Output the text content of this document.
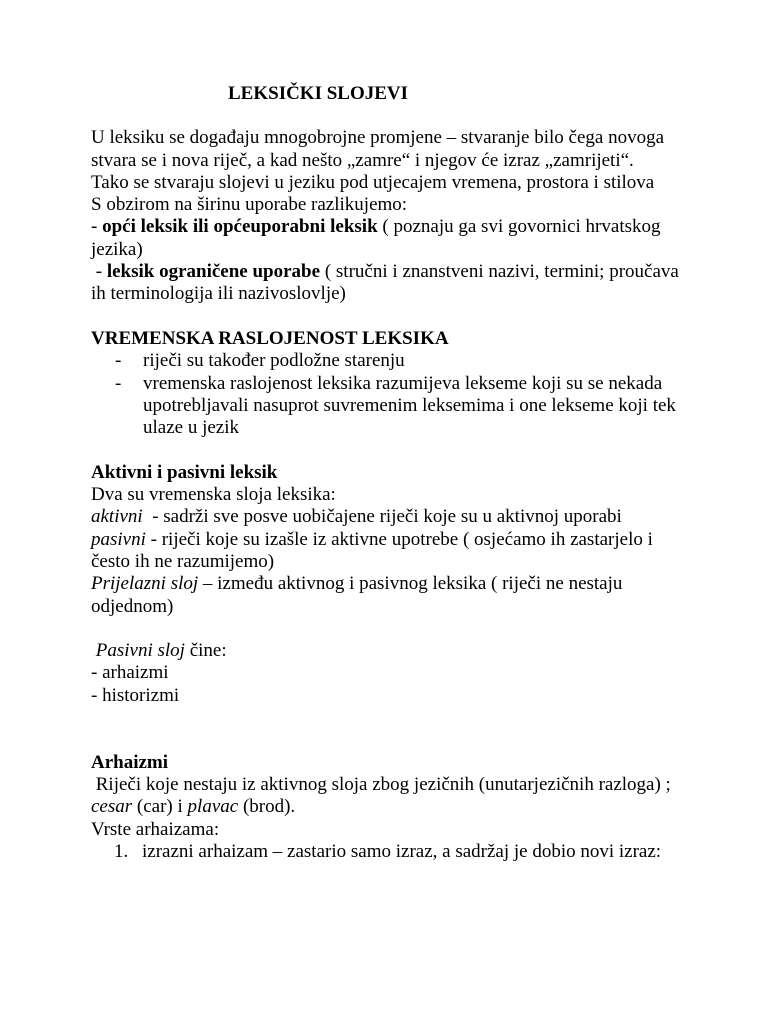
LEKSIČKI SLOJEVI

U leksiku se događaju mnogobrojne promjene – stvaranje bilo čega novoga stvara se i nova riječ, a kad nešto „zamre“ i njegov će izraz „zamrijeti“.

Tako se stvaraju slojevi u jeziku pod utjecajem vremena, prostora i stilova

S obzirom na širinu uporabe razlikujemo:

- opći leksik ili općeuporabni leksik ( poznaju ga svi govornici hrvatskog jezika)

- leksik ograničene uporabe ( stručni i znanstveni nazivi, termini; proučava ih terminologija ili nazivoslovlje)

VREMENSKA RASLOJENOST LEKSIKA

- riječi su također podložne starenju
- vremenska raslojenost leksika razumijeva lekseme koji su se nekada upotrebljavali nasuprot suvremenim leksemima i one lekseme koji tek ulaze u jezik

Aktivni i pasivni leksik

Dva su vremenska sloja leksika:

aktivni  - sadrži sve posve uobičajene riječi koje su u aktivnoj uporabi

pasivni - riječi koje su izašle iz aktivne upotrebe ( osjećamo ih zastarjelo i često ih ne razumijemo)

Prijelazni sloj – između aktivnog i pasivnog leksika ( riječi ne nestaju odjednom)

Pasivni sloj čine:

- arhaizmi

- historizmi

Arhaizmi

Riječi koje nestaju iz aktivnog sloja zbog jezičnih (unutarjezičnih razloga) ; cesar (car) i plavac (brod).

Vrste arhaizama:

1. izrazni arhaizam – zastario samo izraz, a sadržaj je dobio novi izraz:
